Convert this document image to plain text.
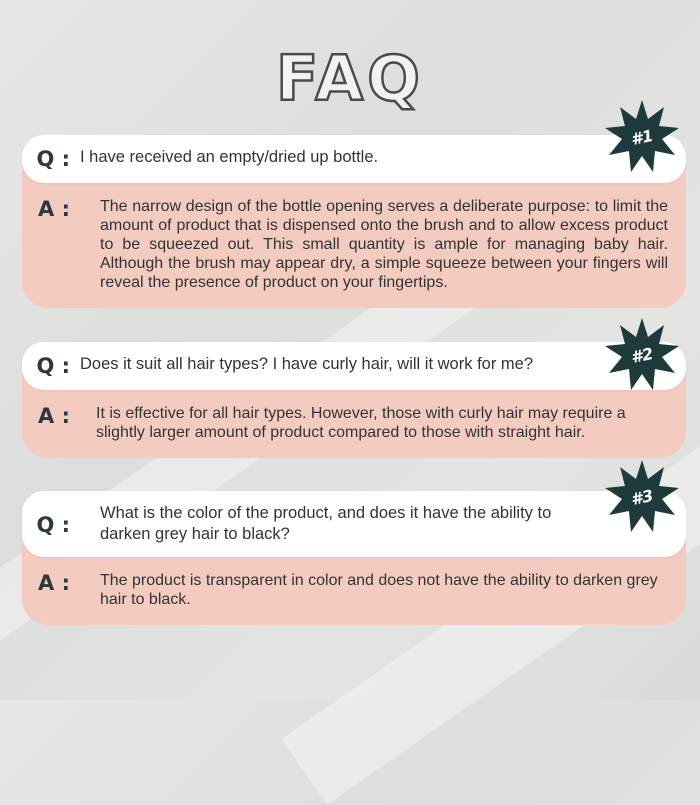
FAQ
Q : I have received an empty/dried up bottle.
A :	The narrow design of the bottle opening serves a deliberate purpose: to limit the amount of product that is dispensed onto the brush and to allow excess product to be squeezed out. This small quantity is ample for managing baby hair. Although the brush may appear dry, a simple squeeze between your fingers will reveal the presence of product on your fingertips.
Q : Does it suit all hair types? I have curly hair, will it work for me?
A :	It is effective for all hair types. However, those with curly hair may require a slightly larger amount of product compared to those with straight hair.
Q :	What is the color of the product, and does it have the ability to darken grey hair to black?
A :	The product is transparent in color and does not have the ability to darken grey hair to black.
#1
#2
#3
